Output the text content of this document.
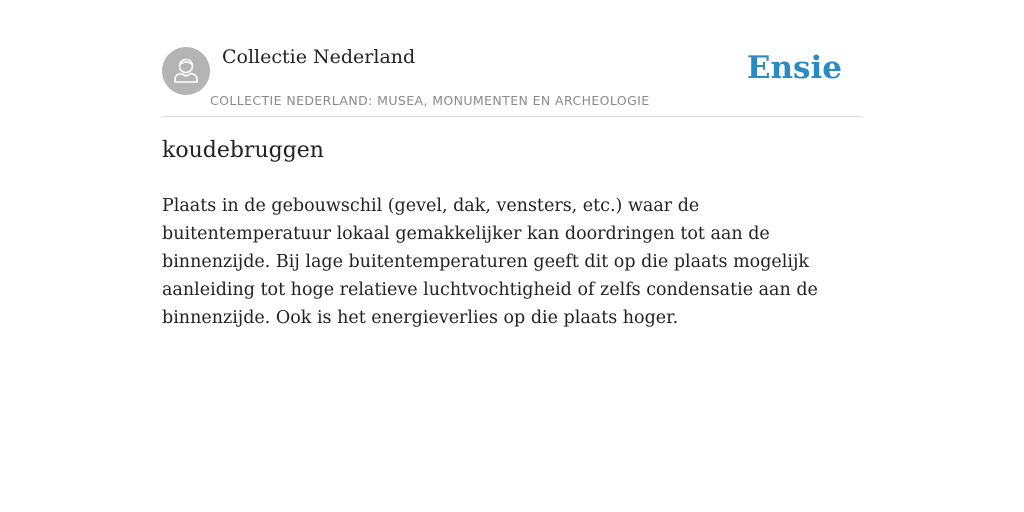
Collectie Nederland
COLLECTIE NEDERLAND: MUSEA, MONUMENTEN EN ARCHEOLOGIE
Ensie
koudebruggen

Plaats in de gebouwschil (gevel, dak, vensters, etc.) waar de buitentemperatuur lokaal gemakkelijker kan doordringen tot aan de binnenzijde. Bij lage buitentemperaturen geeft dit op die plaats mogelijk aanleiding tot hoge relatieve luchtvochtigheid of zelfs condensatie aan de binnenzijde. Ook is het energieverlies op die plaats hoger.
